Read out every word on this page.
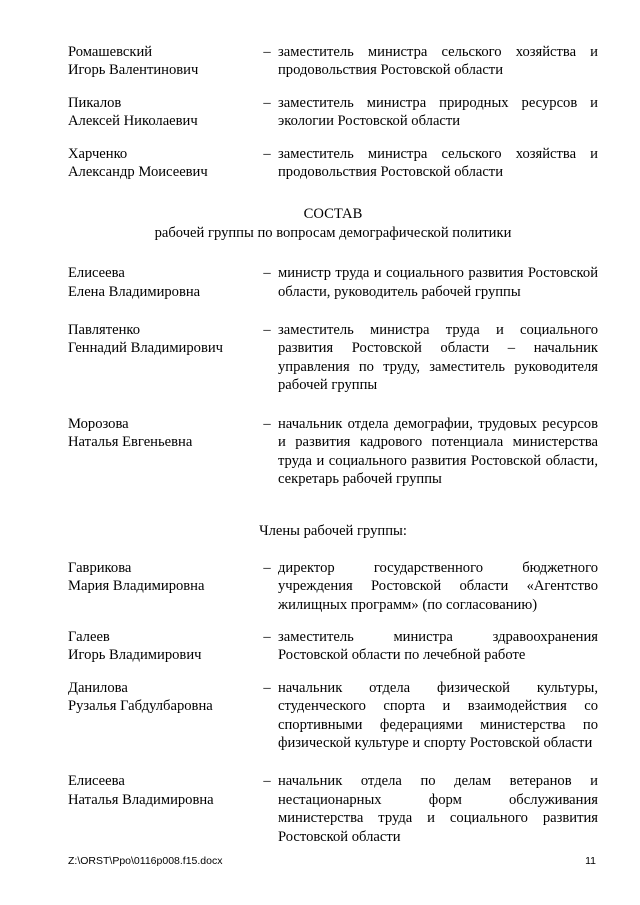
Ромашевский
Игорь Валентинович
– заместитель министра сельского хозяйства и продовольствия Ростовской области
Пикалов
Алексей Николаевич
– заместитель министра природных ресурсов и экологии Ростовской области
Харченко
Александр Моисеевич
– заместитель министра сельского хозяйства и продовольствия Ростовской области
СОСТАВ
рабочей группы по вопросам демографической политики
Елисеева
Елена Владимировна
– министр труда и социального развития Ростовской области, руководитель рабочей группы
Павлятенко
Геннадий Владимирович
– заместитель министра труда и социального развития Ростовской области – начальник управления по труду, заместитель руководителя рабочей группы
Морозова
Наталья Евгеньевна
– начальник отдела демографии, трудовых ресурсов и развития кадрового потенциала министерства труда и социального развития Ростовской области, секретарь рабочей группы
Члены рабочей группы:
Гаврикова
Мария Владимировна
– директор государственного бюджетного учреждения Ростовской области «Агентство жилищных программ» (по согласованию)
Галеев
Игорь Владимирович
– заместитель министра здравоохранения Ростовской области по лечебной работе
Данилова
Рузалья Габдулбаровна
– начальник отдела физической культуры, студенческого спорта и взаимодействия со спортивными федерациями министерства по физической культуре и спорту Ростовской области
Елисеева
Наталья Владимировна
– начальник отдела по делам ветеранов и нестационарных форм обслуживания министерства труда и социального развития Ростовской области
Z:\ORST\Ppo\0116p008.f15.docx	11
